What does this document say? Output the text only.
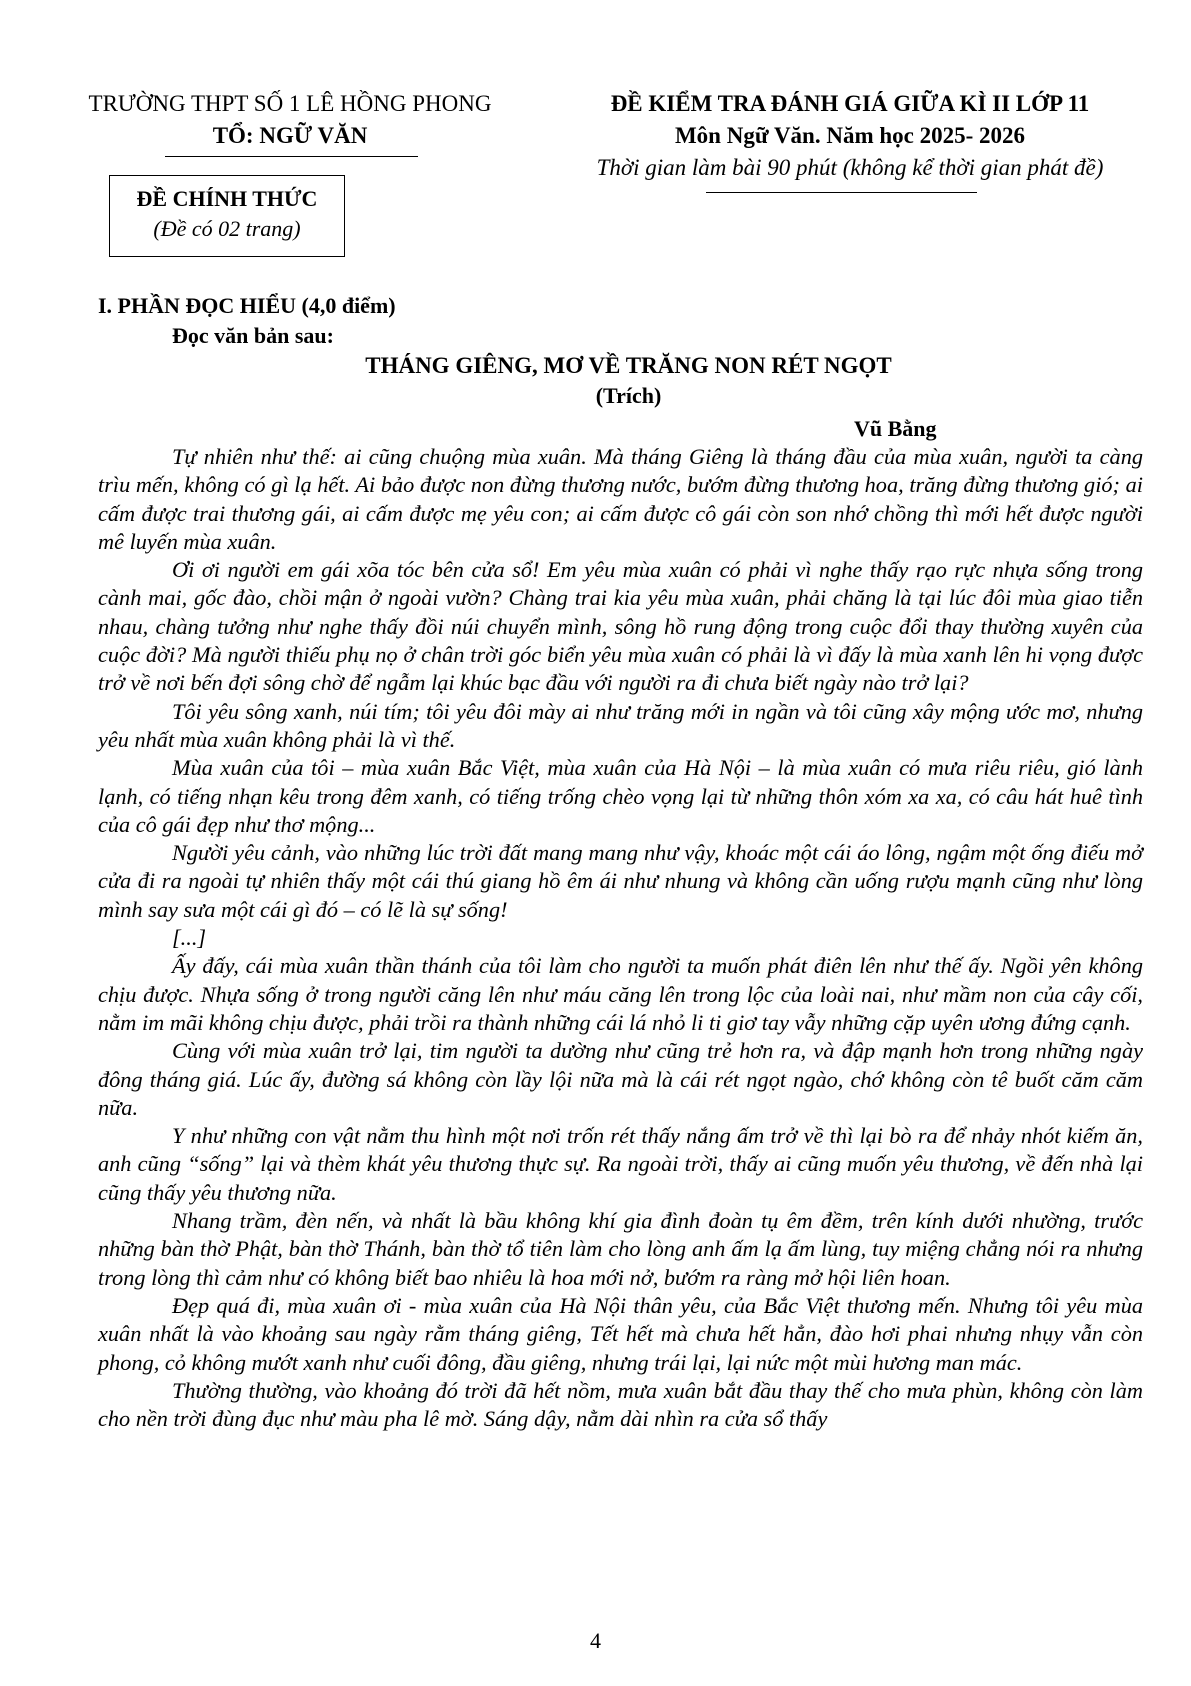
TRƯỜNG THPT SỐ 1 LÊ HỒNG PHONG
TỔ: NGỮ VĂN
ĐỀ KIỂM TRA ĐÁNH GIÁ GIỮA KÌ II LỚP 11
Môn Ngữ Văn. Năm học 2025- 2026
Thời gian làm bài 90 phút (không kể thời gian phát đề)
ĐỀ CHÍNH THỨC
(Đề có 02 trang)
I. PHẦN ĐỌC HIỂU (4,0 điểm)
Đọc văn bản sau:
THÁNG GIÊNG, MƠ VỀ TRĂNG NON RÉT NGỌT
(Trích)
Vũ Bằng

Tự nhiên như thế: ai cũng chuộng mùa xuân. Mà tháng Giêng là tháng đầu của mùa xuân, người ta càng trìu mến, không có gì lạ hết. Ai bảo được non đừng thương nước, bướm đừng thương hoa, trăng đừng thương gió; ai cấm được trai thương gái, ai cấm được mẹ yêu con; ai cấm được cô gái còn son nhớ chồng thì mới hết được người mê luyến mùa xuân.

Ơi ơi người em gái xõa tóc bên cửa sổ! Em yêu mùa xuân có phải vì nghe thấy rạo rực nhựa sống trong cành mai, gốc đào, chồi mận ở ngoài vườn? Chàng trai kia yêu mùa xuân, phải chăng là tại lúc đôi mùa giao tiễn nhau, chàng tưởng như nghe thấy đồi núi chuyển mình, sông hồ rung động trong cuộc đổi thay thường xuyên của cuộc đời? Mà người thiếu phụ nọ ở chân trời góc biển yêu mùa xuân có phải là vì đấy là mùa xanh lên hi vọng được trở về nơi bến đợi sông chờ để ngẫm lại khúc bạc đầu với người ra đi chưa biết ngày nào trở lại?

Tôi yêu sông xanh, núi tím; tôi yêu đôi mày ai như trăng mới in ngần và tôi cũng xây mộng ước mơ, nhưng yêu nhất mùa xuân không phải là vì thế.

Mùa xuân của tôi – mùa xuân Bắc Việt, mùa xuân của Hà Nội – là mùa xuân có mưa riêu riêu, gió lành lạnh, có tiếng nhạn kêu trong đêm xanh, có tiếng trống chèo vọng lại từ những thôn xóm xa xa, có câu hát huê tình của cô gái đẹp như thơ mộng...

Người yêu cảnh, vào những lúc trời đất mang mang như vậy, khoác một cái áo lông, ngậm một ống điếu mở cửa đi ra ngoài tự nhiên thấy một cái thú giang hồ êm ái như nhung và không cần uống rượu mạnh cũng như lòng mình say sưa một cái gì đó – có lẽ là sự sống!

[...]

Ấy đấy, cái mùa xuân thần thánh của tôi làm cho người ta muốn phát điên lên như thế ấy. Ngồi yên không chịu được. Nhựa sống ở trong người căng lên như máu căng lên trong lộc của loài nai, như mầm non của cây cối, nằm im mãi không chịu được, phải trồi ra thành những cái lá nhỏ li ti giơ tay vẫy những cặp uyên ương đứng cạnh.

Cùng với mùa xuân trở lại, tim người ta dường như cũng trẻ hơn ra, và đập mạnh hơn trong những ngày đông tháng giá. Lúc ấy, đường sá không còn lầy lội nữa mà là cái rét ngọt ngào, chớ không còn tê buốt căm căm nữa.

Y như những con vật nằm thu hình một nơi trốn rét thấy nắng ấm trở về thì lại bò ra để nhảy nhót kiếm ăn, anh cũng “sống” lại và thèm khát yêu thương thực sự. Ra ngoài trời, thấy ai cũng muốn yêu thương, về đến nhà lại cũng thấy yêu thương nữa.

Nhang trầm, đèn nến, và nhất là bầu không khí gia đình đoàn tụ êm đềm, trên kính dưới nhường, trước những bàn thờ Phật, bàn thờ Thánh, bàn thờ tổ tiên làm cho lòng anh ấm lạ ấm lùng, tuy miệng chẳng nói ra nhưng trong lòng thì cảm như có không biết bao nhiêu là hoa mới nở, bướm ra ràng mở hội liên hoan.

Đẹp quá đi, mùa xuân ơi - mùa xuân của Hà Nội thân yêu, của Bắc Việt thương mến. Nhưng tôi yêu mùa xuân nhất là vào khoảng sau ngày rằm tháng giêng, Tết hết mà chưa hết hẳn, đào hơi phai nhưng nhụy vẫn còn phong, cỏ không mướt xanh như cuối đông, đầu giêng, nhưng trái lại, lại nức một mùi hương man mác.

Thường thường, vào khoảng đó trời đã hết nồm, mưa xuân bắt đầu thay thế cho mưa phùn, không còn làm cho nền trời đùng đục như màu pha lê mờ. Sáng dậy, nằm dài nhìn ra cửa sổ thấy

4
